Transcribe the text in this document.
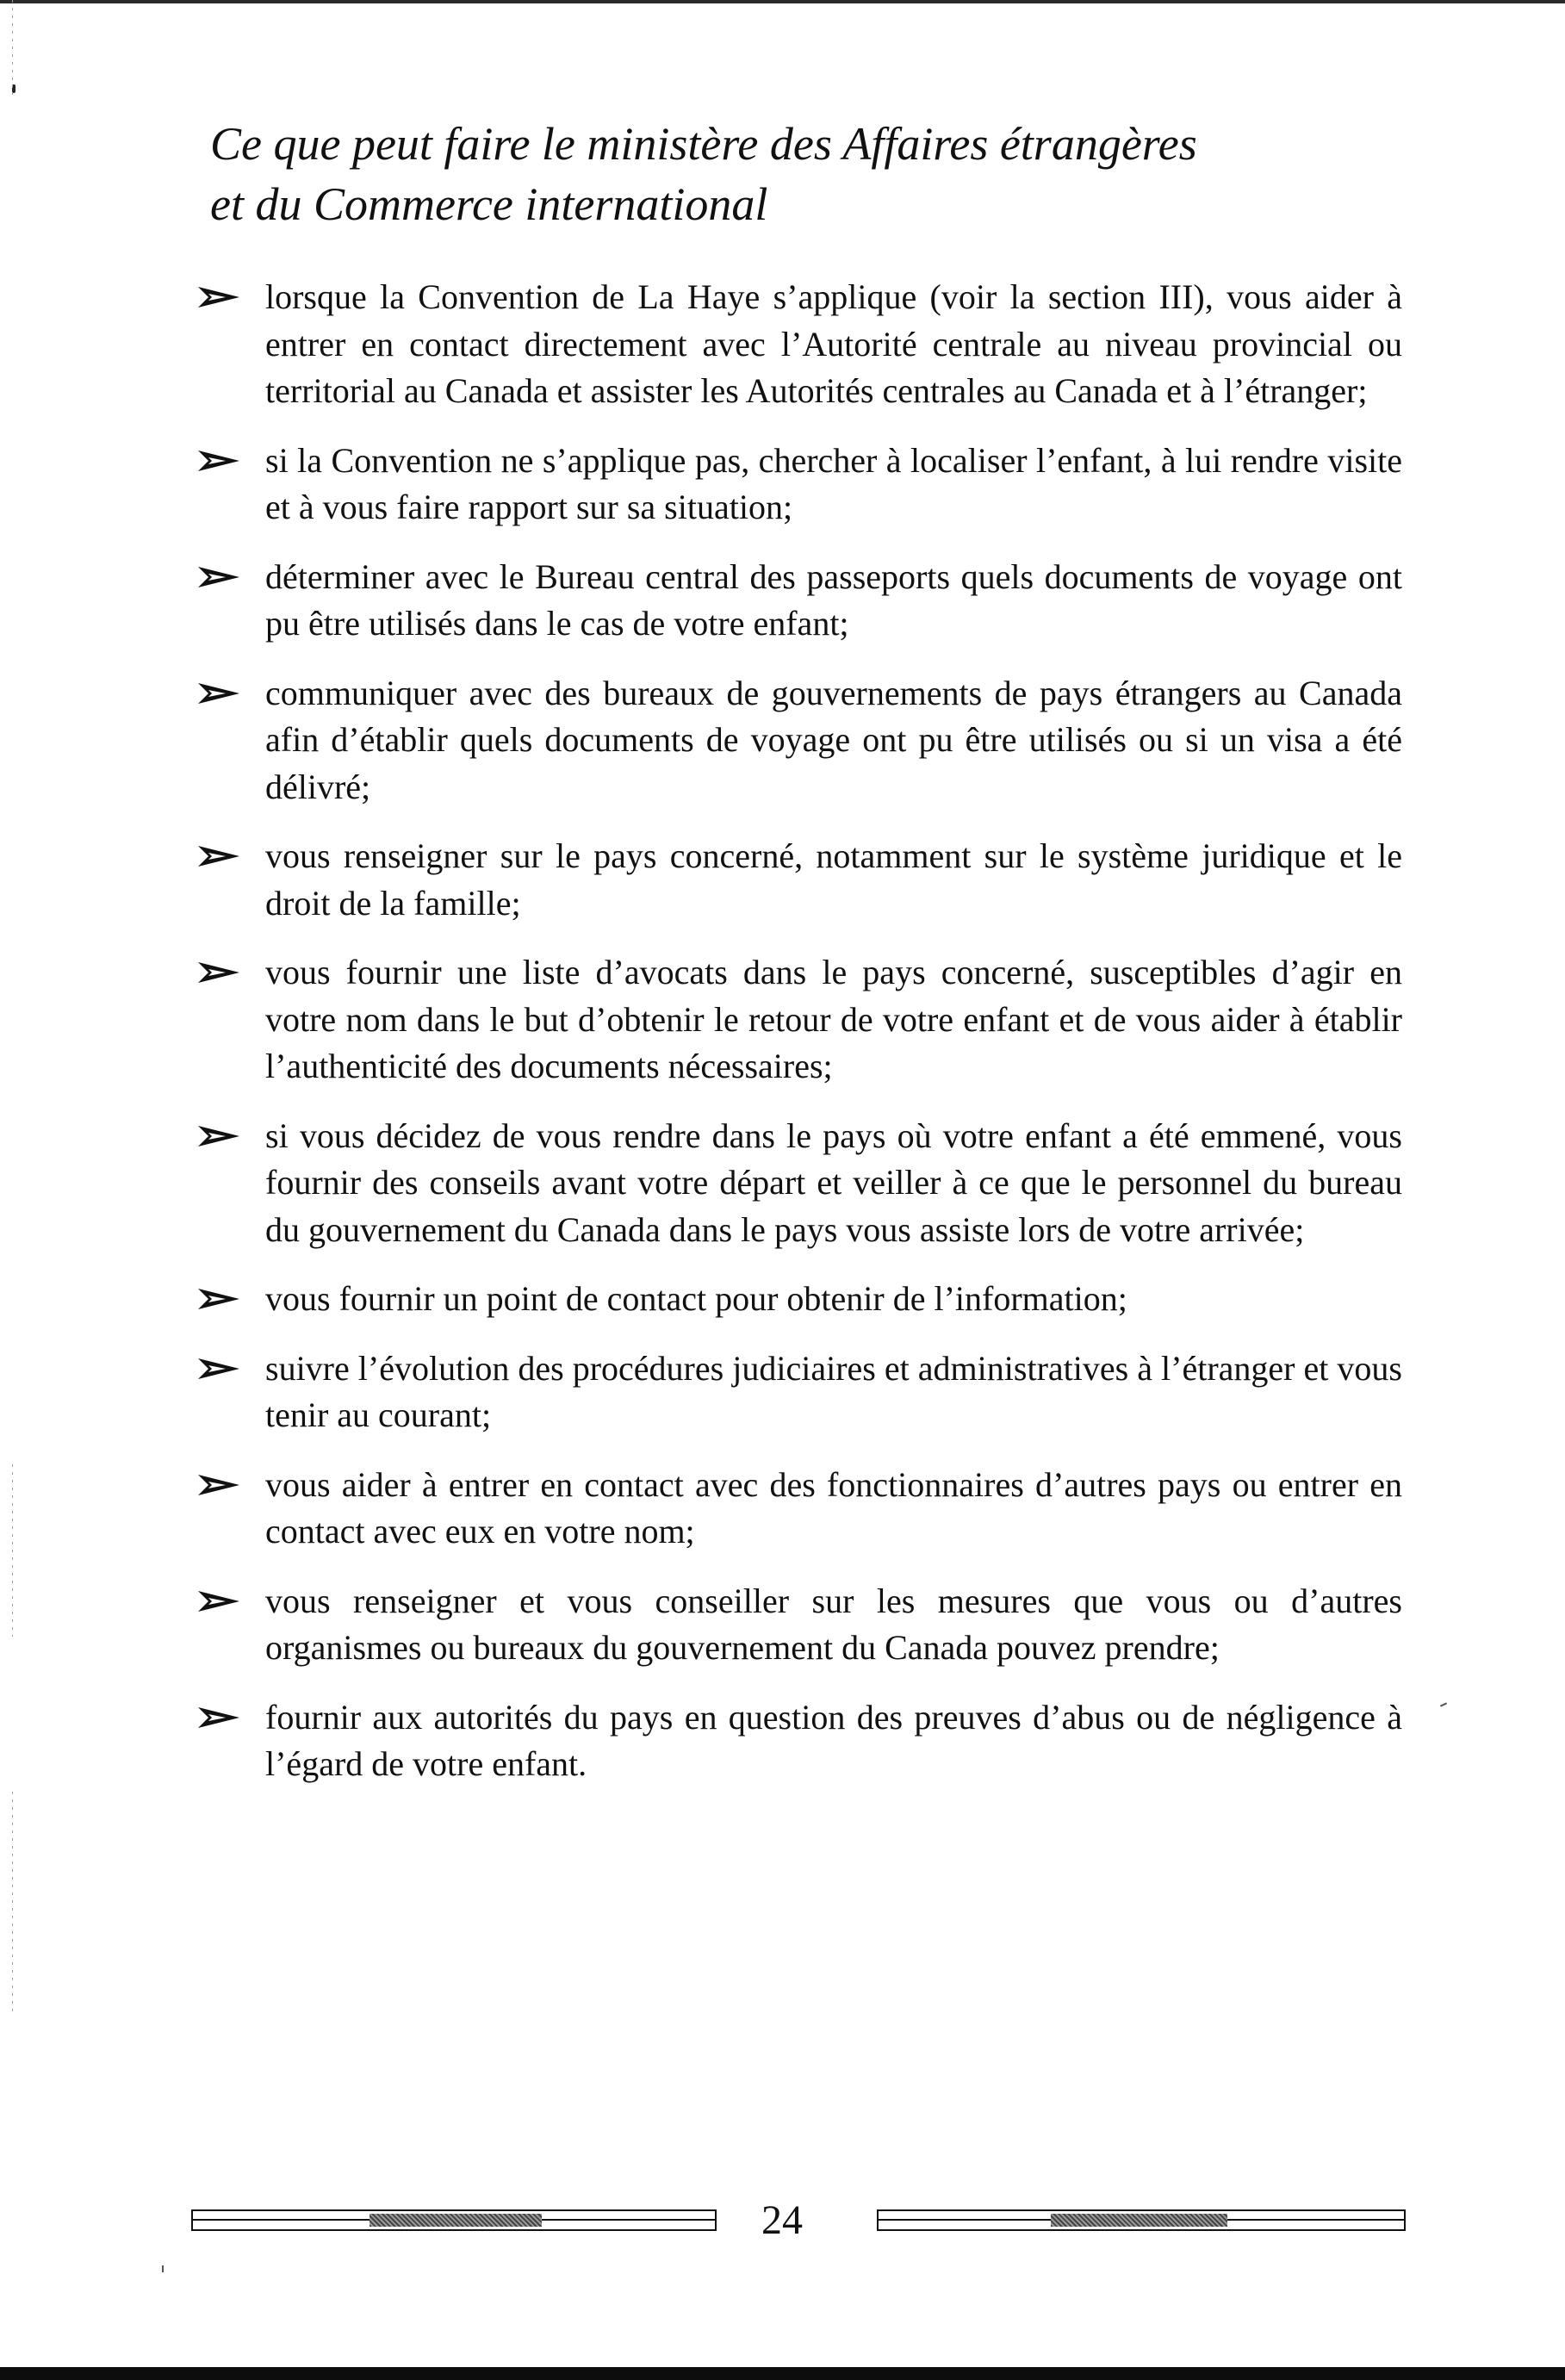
Ce que peut faire le ministère des Affaires étrangères
et du Commerce international
lorsque la Convention de La Haye s’applique (voir la section III), vous aider à entrer en contact directement avec l’Autorité centrale au niveau provincial ou territorial au Canada et assister les Autorités centrales au Canada et à l’étranger;
si la Convention ne s’applique pas, chercher à localiser l’enfant, à lui rendre visite et à vous faire rapport sur sa situation;
déterminer avec le Bureau central des passeports quels documents de voyage ont pu être utilisés dans le cas de votre enfant;
communiquer avec des bureaux de gouvernements de pays étrangers au Canada afin d’établir quels documents de voyage ont pu être utilisés ou si un visa a été délivré;
vous renseigner sur le pays concerné, notamment sur le système juridique et le droit de la famille;
vous fournir une liste d’avocats dans le pays concerné, susceptibles d’agir en votre nom dans le but d’obtenir le retour de votre enfant et de vous aider à établir l’authenticité des documents nécessaires;
si vous décidez de vous rendre dans le pays où votre enfant a été emmené, vous fournir des conseils avant votre départ et veiller à ce que le personnel du bureau du gouvernement du Canada dans le pays vous assiste lors de votre arrivée;
vous fournir un point de contact pour obtenir de l’information;
suivre l’évolution des procédures judiciaires et administratives à l’étranger et vous tenir au courant;
vous aider à entrer en contact avec des fonctionnaires d’autres pays ou entrer en contact avec eux en votre nom;
vous renseigner et vous conseiller sur les mesures que vous ou d’autres organismes ou bureaux du gouvernement du Canada pouvez prendre;
fournir aux autorités du pays en question des preuves d’abus ou de négligence à l’égard de votre enfant.
24
